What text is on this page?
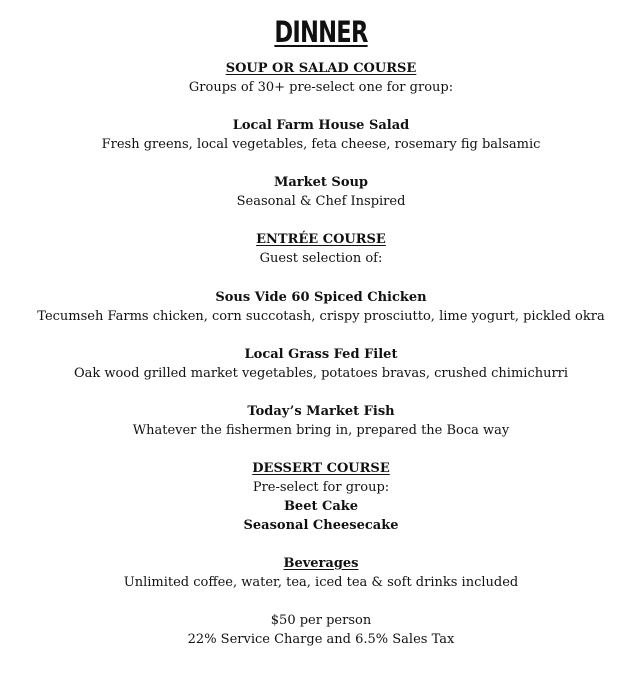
DINNER
SOUP OR SALAD COURSE
Groups of 30+ pre-select one for group:
Local Farm House Salad
Fresh greens, local vegetables, feta cheese, rosemary fig balsamic
Market Soup
Seasonal & Chef Inspired
ENTRÉE COURSE
Guest selection of:
Sous Vide 60 Spiced Chicken
Tecumseh Farms chicken, corn succotash, crispy prosciutto, lime yogurt, pickled okra
Local Grass Fed Filet
Oak wood grilled market vegetables, potatoes bravas, crushed chimichurri
Today’s Market Fish
Whatever the fishermen bring in, prepared the Boca way
DESSERT COURSE
Pre-select for group:
Beet Cake
Seasonal Cheesecake
Beverages
Unlimited coffee, water, tea, iced tea & soft drinks included
$50 per person
22% Service Charge and 6.5% Sales Tax
